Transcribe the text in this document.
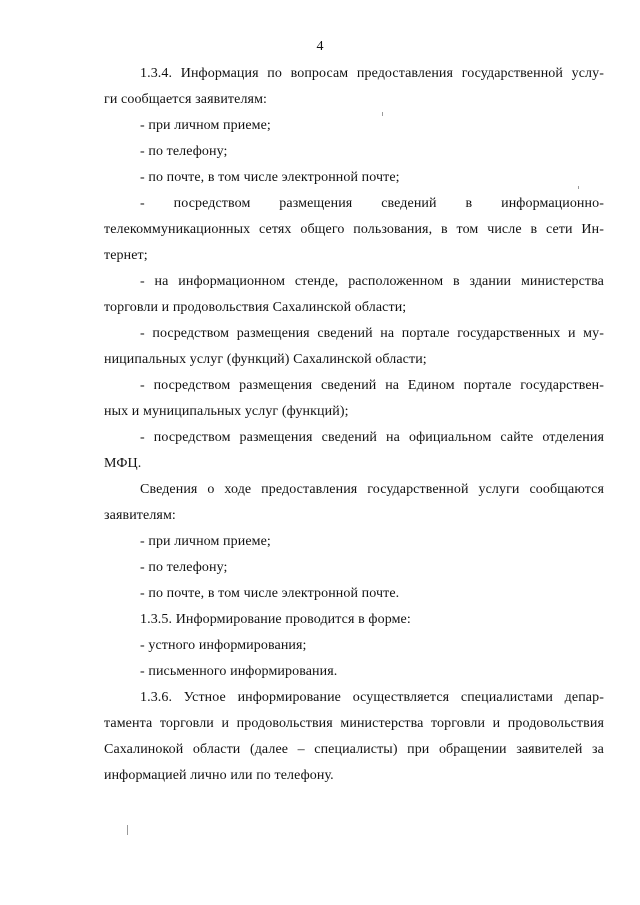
4

1.3.4. Информация по вопросам предоставления государственной услу-

ги сообщается заявителям:

- при личном приеме;

- по телефону;

- по почте, в том числе электронной почте;

- посредством размещения сведений в информационно-

телекоммуникационных сетях общего пользования, в том числе в сети Ин-

тернет;

- на информационном стенде, расположенном в здании министерства

торговли и продовольствия Сахалинской области;

- посредством размещения сведений на портале государственных и му-

ниципальных услуг (функций) Сахалинской области;

- посредством размещения сведений на Едином портале государствен-

ных и муниципальных услуг (функций);

- посредством размещения сведений на официальном сайте отделения

МФЦ.

Сведения о ходе предоставления государственной услуги сообщаются

заявителям:

- при личном приеме;

- по телефону;

- по почте, в том числе электронной почте.

1.3.5. Информирование проводится в форме:

- устного информирования;

- письменного информирования.

1.3.6. Устное информирование осуществляется специалистами депар-

тамента торговли и продовольствия министерства торговли и продовольствия

Сахалинокой области (далее – специалисты) при обращении заявителей за

информацией лично или по телефону.
